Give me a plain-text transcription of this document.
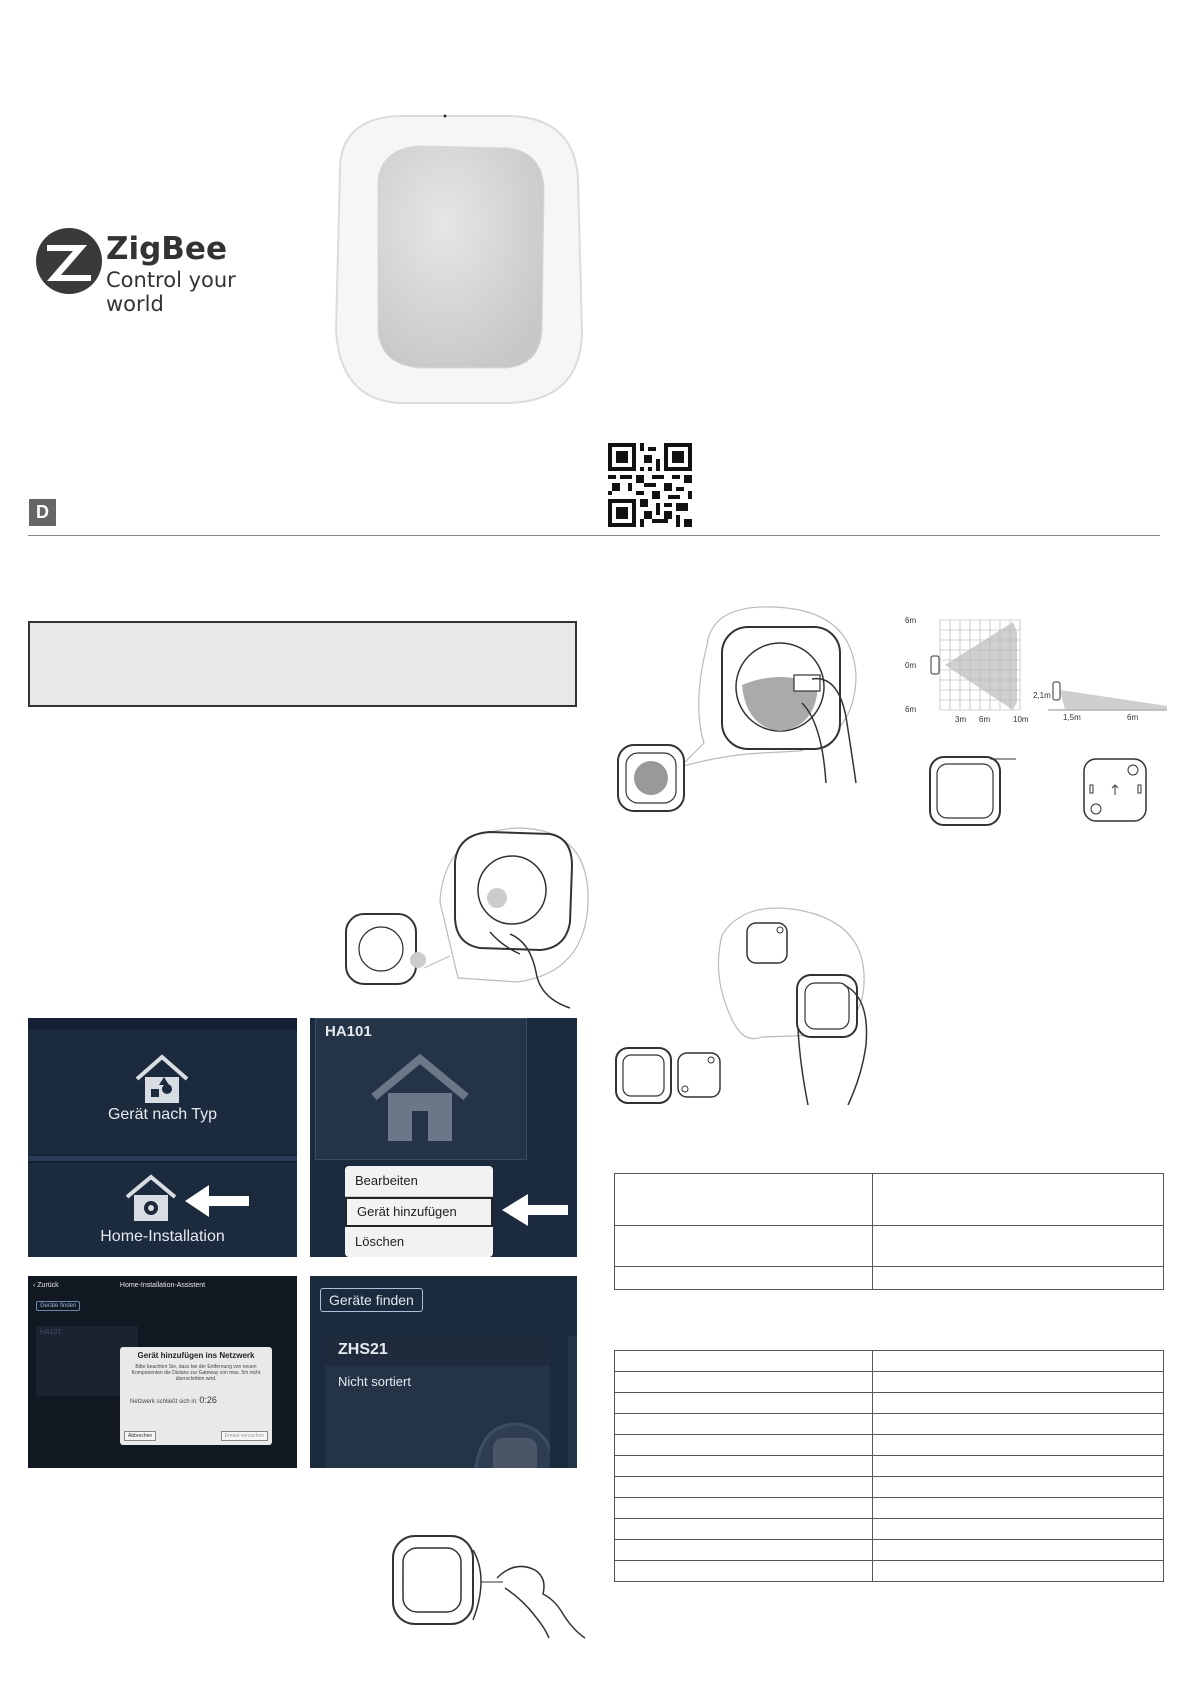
ZigBee
Control your world
D
Gerät nach Typ
Home-Installation
HA101
Bearbeiten
Gerät hinzufügen
Löschen
‹ Zurück	Home-Installation-Assistent
Geräte finden
HA101
Gerät hinzufügen ins Netzwerk
Bitte beachten Sie, dass bei der Entfernung von neuen Komponenten die Distanz zur Gateway von max. 5m nicht überschritten wird.
Netzwerk schließt sich in: 0:26
Abbrechen	Erneut versuchen
Geräte finden
ZHS21
Nicht sortiert
6m
0m
6m
3m 6m	10m
2,1m
1,5m	6m
